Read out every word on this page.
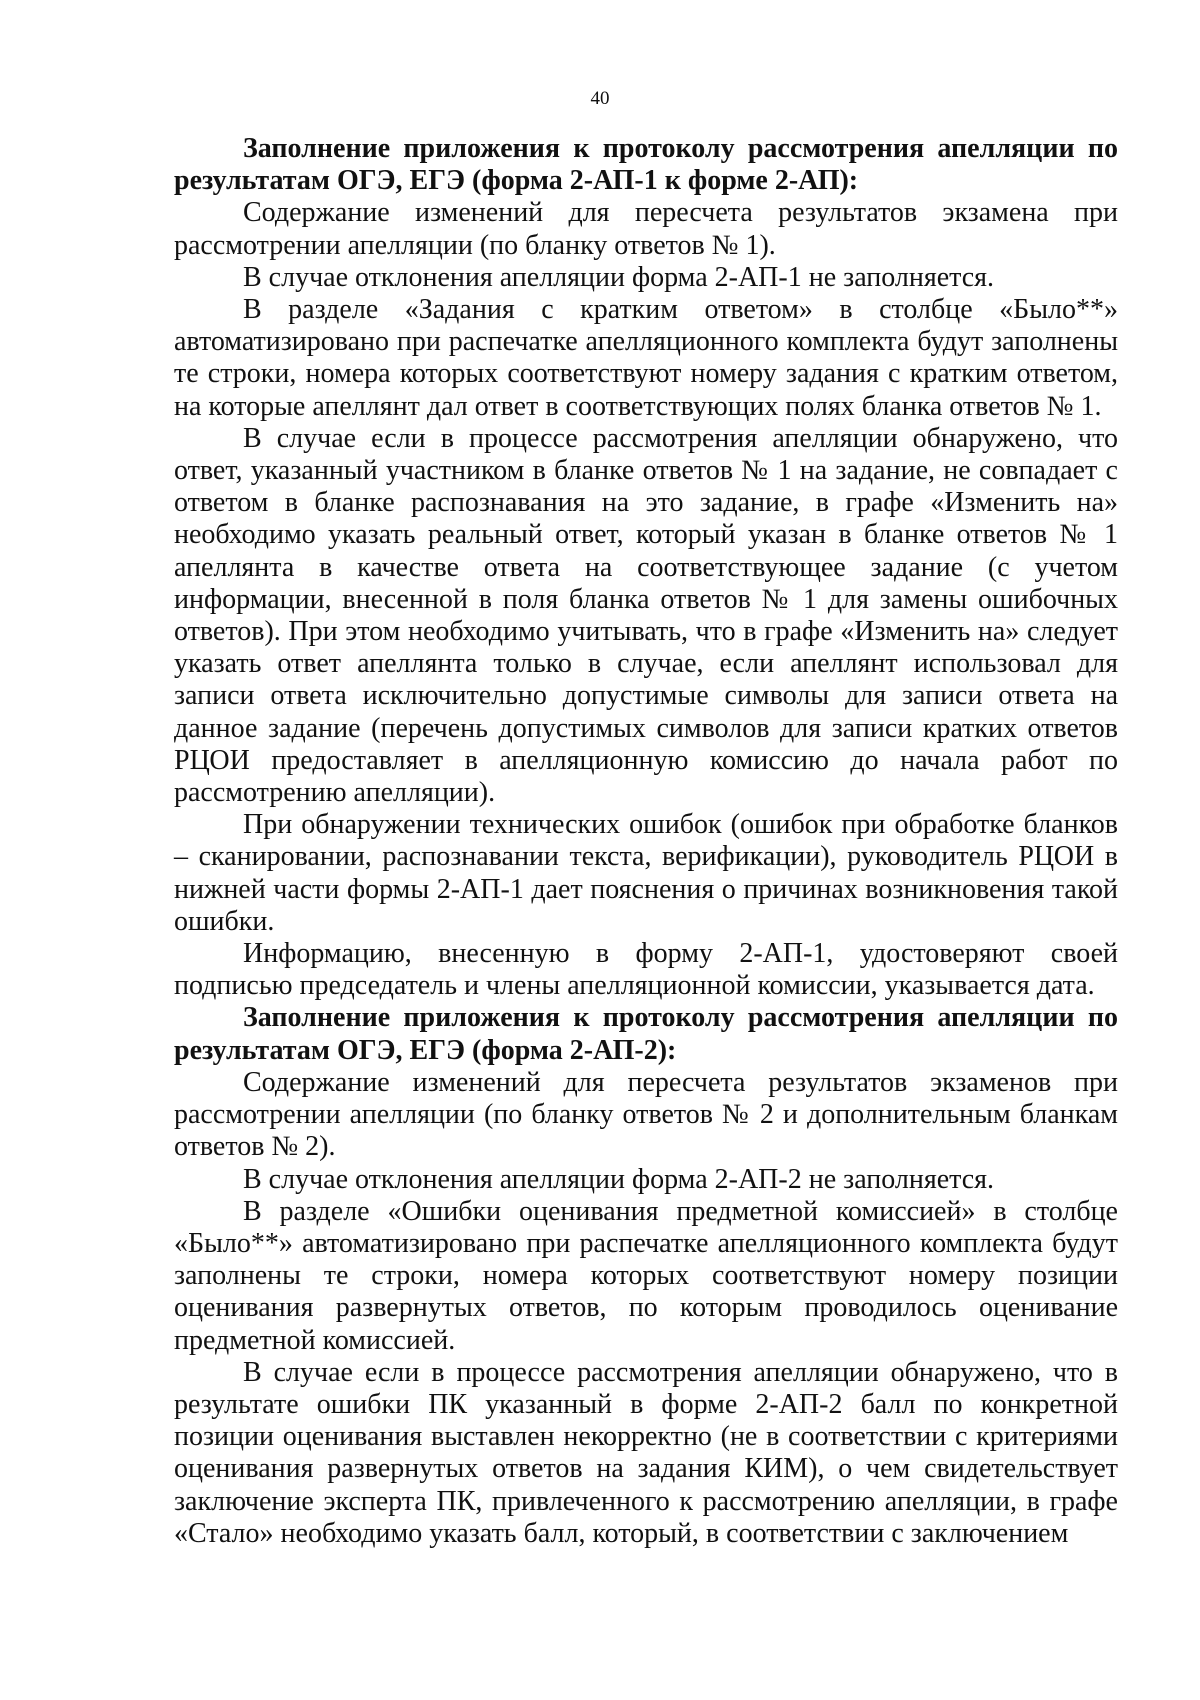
40

Заполнение приложения к протоколу рассмотрения апелляции по результатам ОГЭ, ЕГЭ (форма 2-АП-1 к форме 2-АП):

Содержание изменений для пересчета результатов экзамена при рассмотрении апелляции (по бланку ответов № 1).

В случае отклонения апелляции форма 2-АП-1 не заполняется.

В разделе «Задания с кратким ответом» в столбце «Было**» автоматизировано при распечатке апелляционного комплекта будут заполнены те строки, номера которых соответствуют номеру задания с кратким ответом, на которые апеллянт дал ответ в соответствующих полях бланка ответов № 1.

В случае если в процессе рассмотрения апелляции обнаружено, что ответ, указанный участником в бланке ответов № 1 на задание, не совпадает с ответом в бланке распознавания на это задание, в графе «Изменить на» необходимо указать реальный ответ, который указан в бланке ответов № 1 апеллянта в качестве ответа на соответствующее задание (с учетом информации, внесенной в поля бланка ответов № 1 для замены ошибочных ответов). При этом необходимо учитывать, что в графе «Изменить на» следует указать ответ апеллянта только в случае, если апеллянт использовал для записи ответа исключительно допустимые символы для записи ответа на данное задание (перечень допустимых символов для записи кратких ответов РЦОИ предоставляет в апелляционную комиссию до начала работ по рассмотрению апелляции).

При обнаружении технических ошибок (ошибок при обработке бланков – сканировании, распознавании текста, верификации), руководитель РЦОИ в нижней части формы 2-АП-1 дает пояснения о причинах возникновения такой ошибки.

Информацию, внесенную в форму 2-АП-1, удостоверяют своей подписью председатель и члены апелляционной комиссии, указывается дата.

Заполнение приложения к протоколу рассмотрения апелляции по результатам ОГЭ, ЕГЭ (форма 2-АП-2):

Содержание изменений для пересчета результатов экзаменов при рассмотрении апелляции (по бланку ответов № 2 и дополнительным бланкам ответов № 2).

В случае отклонения апелляции форма 2-АП-2 не заполняется.

В разделе «Ошибки оценивания предметной комиссией» в столбце «Было**» автоматизировано при распечатке апелляционного комплекта будут заполнены те строки, номера которых соответствуют номеру позиции оценивания развернутых ответов, по которым проводилось оценивание предметной комиссией.

В случае если в процессе рассмотрения апелляции обнаружено, что в результате ошибки ПК указанный в форме 2-АП-2 балл по конкретной позиции оценивания выставлен некорректно (не в соответствии с критериями оценивания развернутых ответов на задания КИМ), о чем свидетельствует заключение эксперта ПК, привлеченного к рассмотрению апелляции, в графе «Стало» необходимо указать балл, который, в соответствии с заключением
